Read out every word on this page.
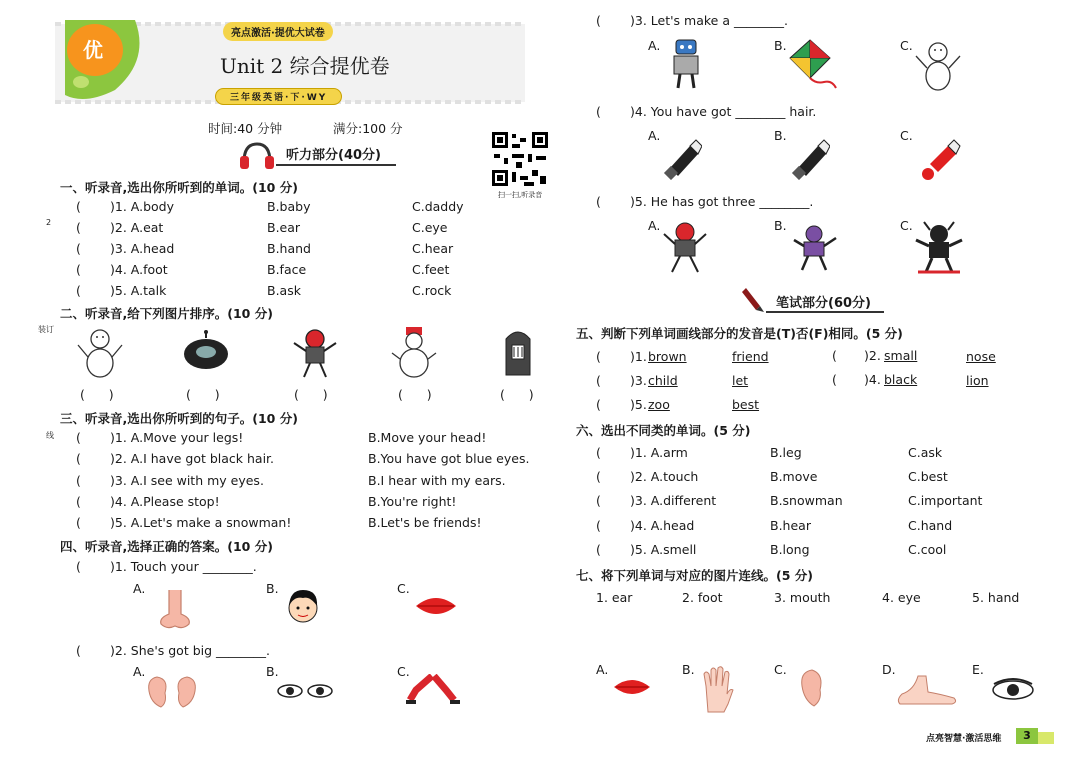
优
亮点激活·提优大试卷
Unit 2 综合提优卷
三年级英语·下·WY
时间:40 分钟	满分:100 分
扫一扫,听录音
听力部分(40分)
2
装订
线
一、听录音,选出你所听到的单词。(10 分)
( )1. A.body	B.baby	C.daddy
( )2. A.eat	B.ear	C.eye
( )3. A.head	B.hand	C.hear
( )4. A.foot	B.face	C.feet
( )5. A.talk	B.ask	C.rock
二、听录音,给下列图片排序。(10 分)
(      )	(      )	(      )	(      )	(      )
三、听录音,选出你所听到的句子。(10 分)
( )1. A.Move your legs!	B.Move your head!
( )2. A.I have got black hair.	B.You have got blue eyes.
( )3. A.I see with my eyes.	B.I hear with my ears.
( )4. A.Please stop!	B.You're right!
( )5. A.Let's make a snowman!	B.Let's be friends!
四、听录音,选择正确的答案。(10 分)
( )1. Touch your ________.
A.	B.	C.
( )2. She's got big ________.
A.	B.	C.
( )3. Let's make a ________.
A.	B.	C.
( )4. You have got ________ hair.
A.	B.	C.
( )5. He has got three ________.
A.	B.	C.
笔试部分(60分)
五、判断下列单词画线部分的发音是(T)否(F)相同。(5 分)
( )1. brown	friend	( )2. small	nose
( )3. child	let	( )4. black	lion
( )5. zoo	best
六、选出不同类的单词。(5 分)
( )1. A.arm	B.leg	C.ask
( )2. A.touch	B.move	C.best
( )3. A.different	B.snowman	C.important
( )4. A.head	B.hear	C.hand
( )5. A.smell	B.long	C.cool
七、将下列单词与对应的图片连线。(5 分)
1. ear	2. foot	3. mouth	4. eye	5. hand
A.	B.	C.	D.	E.
点亮智慧·激活思维	3
